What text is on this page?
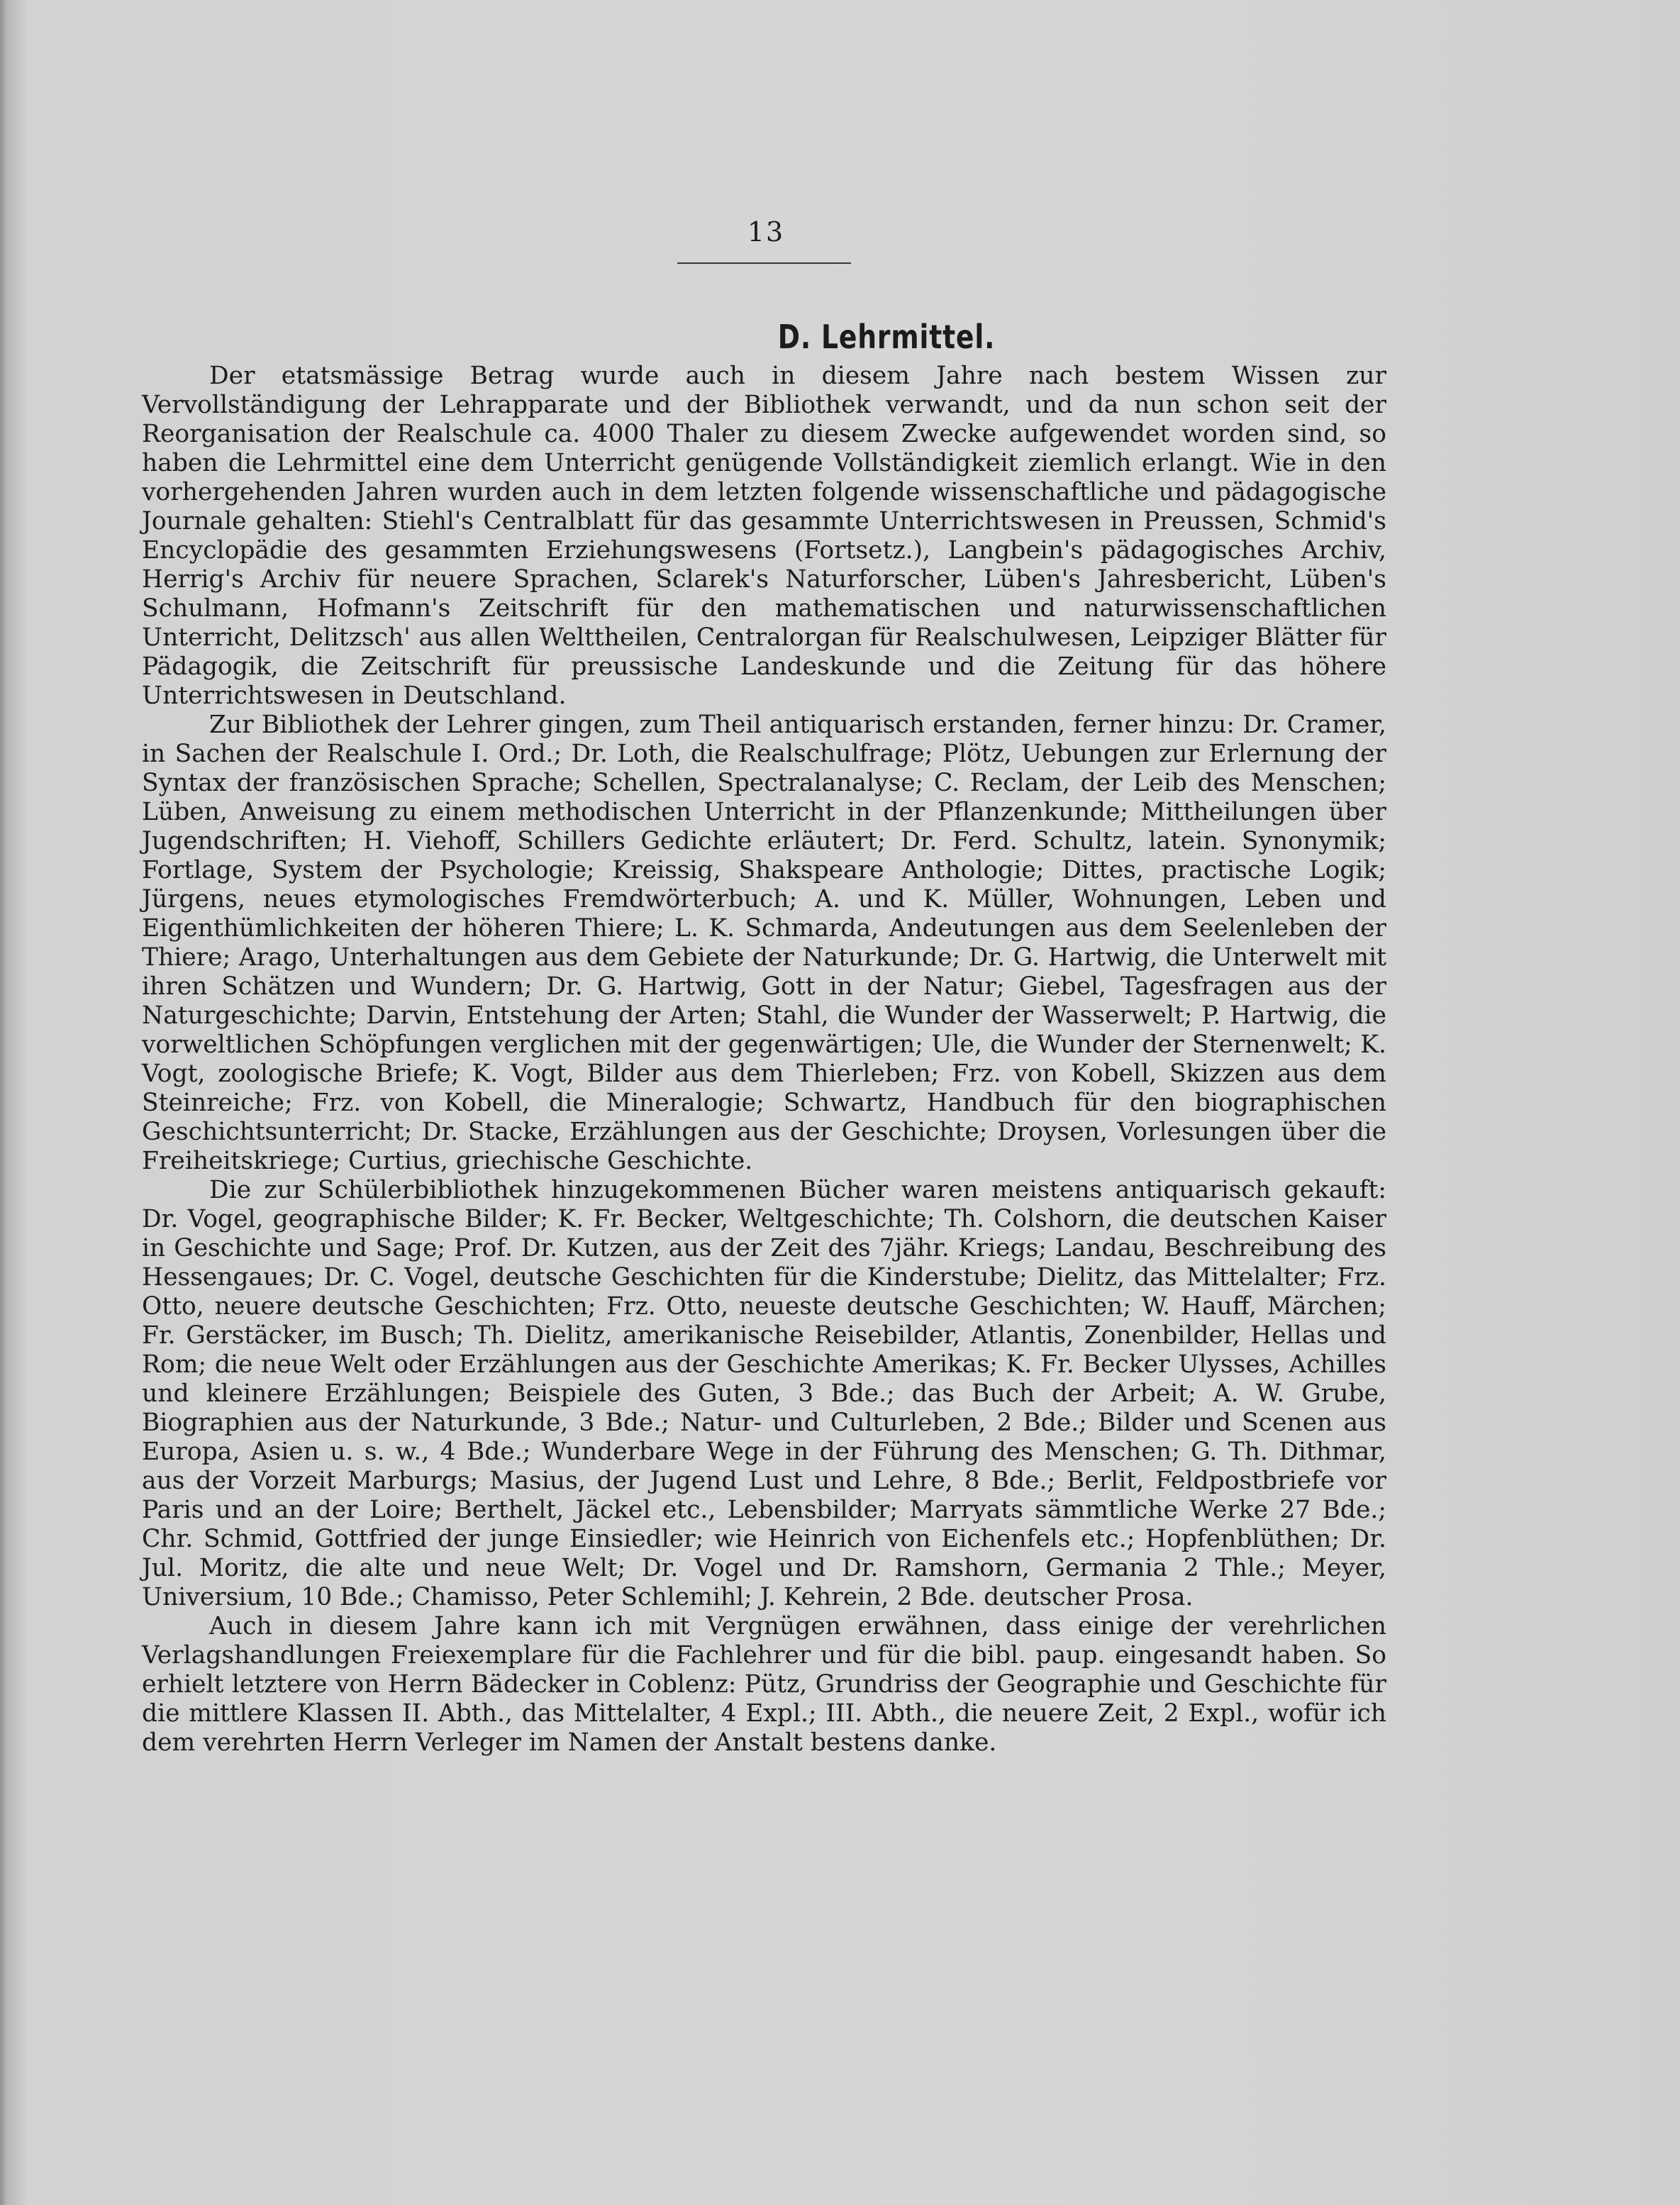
13
D. Lehrmittel.

Der etatsmässige Betrag wurde auch in diesem Jahre nach bestem Wissen zur Vervollständigung der Lehrapparate und der Bibliothek verwandt, und da nun schon seit der Reorganisation der Realschule ca. 4000 Thaler zu diesem Zwecke aufgewendet worden sind, so haben die Lehrmittel eine dem Unterricht genügende Vollständigkeit ziemlich erlangt. Wie in den vorhergehenden Jahren wurden auch in dem letzten folgende wissenschaftliche und pädagogische Journale gehalten: Stiehl's Centralblatt für das gesammte Unterrichtswesen in Preussen, Schmid's Encyclopädie des gesammten Erziehungswesens (Fortsetz.), Langbein's pädagogisches Archiv, Herrig's Archiv für neuere Sprachen, Sclarek's Naturforscher, Lüben's Jahresbericht, Lüben's Schulmann, Hofmann's Zeitschrift für den mathematischen und naturwissenschaftlichen Unterricht, Delitzsch' aus allen Welttheilen, Centralorgan für Realschulwesen, Leipziger Blätter für Pädagogik, die Zeitschrift für preussische Landeskunde und die Zeitung für das höhere Unterrichtswesen in Deutschland.

Zur Bibliothek der Lehrer gingen, zum Theil antiquarisch erstanden, ferner hinzu: Dr. Cramer, in Sachen der Realschule I. Ord.; Dr. Loth, die Realschulfrage; Plötz, Uebungen zur Erlernung der Syntax der französischen Sprache; Schellen, Spectralanalyse; C. Reclam, der Leib des Menschen; Lüben, Anweisung zu einem methodischen Unterricht in der Pflanzenkunde; Mittheilungen über Jugendschriften; H. Viehoff, Schillers Gedichte erläutert; Dr. Ferd. Schultz, latein. Synonymik; Fortlage, System der Psychologie; Kreissig, Shakspeare Anthologie; Dittes, practische Logik; Jürgens, neues etymologisches Fremdwörterbuch; A. und K. Müller, Wohnungen, Leben und Eigenthümlichkeiten der höheren Thiere; L. K. Schmarda, Andeutungen aus dem Seelenleben der Thiere; Arago, Unterhaltungen aus dem Gebiete der Naturkunde; Dr. G. Hartwig, die Unterwelt mit ihren Schätzen und Wundern; Dr. G. Hartwig, Gott in der Natur; Giebel, Tagesfragen aus der Naturgeschichte; Darvin, Entstehung der Arten; Stahl, die Wunder der Wasserwelt; P. Hartwig, die vorweltlichen Schöpfungen verglichen mit der gegenwärtigen; Ule, die Wunder der Sternenwelt; K. Vogt, zoologische Briefe; K. Vogt, Bilder aus dem Thierleben; Frz. von Kobell, Skizzen aus dem Steinreiche; Frz. von Kobell, die Mineralogie; Schwartz, Handbuch für den biographischen Geschichtsunterricht; Dr. Stacke, Erzählungen aus der Geschichte; Droysen, Vorlesungen über die Freiheitskriege; Curtius, griechische Geschichte.

Die zur Schülerbibliothek hinzugekommenen Bücher waren meistens antiquarisch gekauft: Dr. Vogel, geographische Bilder; K. Fr. Becker, Weltgeschichte; Th. Colshorn, die deutschen Kaiser in Geschichte und Sage; Prof. Dr. Kutzen, aus der Zeit des 7jähr. Kriegs; Landau, Beschreibung des Hessengaues; Dr. C. Vogel, deutsche Geschichten für die Kinderstube; Dielitz, das Mittelalter; Frz. Otto, neuere deutsche Geschichten; Frz. Otto, neueste deutsche Geschichten; W. Hauff, Märchen; Fr. Gerstäcker, im Busch; Th. Dielitz, amerikanische Reisebilder, Atlantis, Zonenbilder, Hellas und Rom; die neue Welt oder Erzählungen aus der Geschichte Amerikas; K. Fr. Becker Ulysses, Achilles und kleinere Erzählungen; Beispiele des Guten, 3 Bde.; das Buch der Arbeit; A. W. Grube, Biographien aus der Naturkunde, 3 Bde.; Natur- und Culturleben, 2 Bde.; Bilder und Scenen aus Europa, Asien u. s. w., 4 Bde.; Wunderbare Wege in der Führung des Menschen; G. Th. Dithmar, aus der Vorzeit Marburgs; Masius, der Jugend Lust und Lehre, 8 Bde.; Berlit, Feldpostbriefe vor Paris und an der Loire; Berthelt, Jäckel etc., Lebensbilder; Marryats sämmtliche Werke 27 Bde.; Chr. Schmid, Gottfried der junge Einsiedler; wie Heinrich von Eichenfels etc.; Hopfenblüthen; Dr. Jul. Moritz, die alte und neue Welt; Dr. Vogel und Dr. Ramshorn, Germania 2 Thle.; Meyer, Universium, 10 Bde.; Chamisso, Peter Schlemihl; J. Kehrein, 2 Bde. deutscher Prosa.

Auch in diesem Jahre kann ich mit Vergnügen erwähnen, dass einige der verehrlichen Verlagshandlungen Freiexemplare für die Fachlehrer und für die bibl. paup. eingesandt haben. So erhielt letztere von Herrn Bädecker in Coblenz: Pütz, Grundriss der Geographie und Geschichte für die mittlere Klassen II. Abth., das Mittelalter, 4 Expl.; III. Abth., die neuere Zeit, 2 Expl., wofür ich dem verehrten Herrn Verleger im Namen der Anstalt bestens danke.
